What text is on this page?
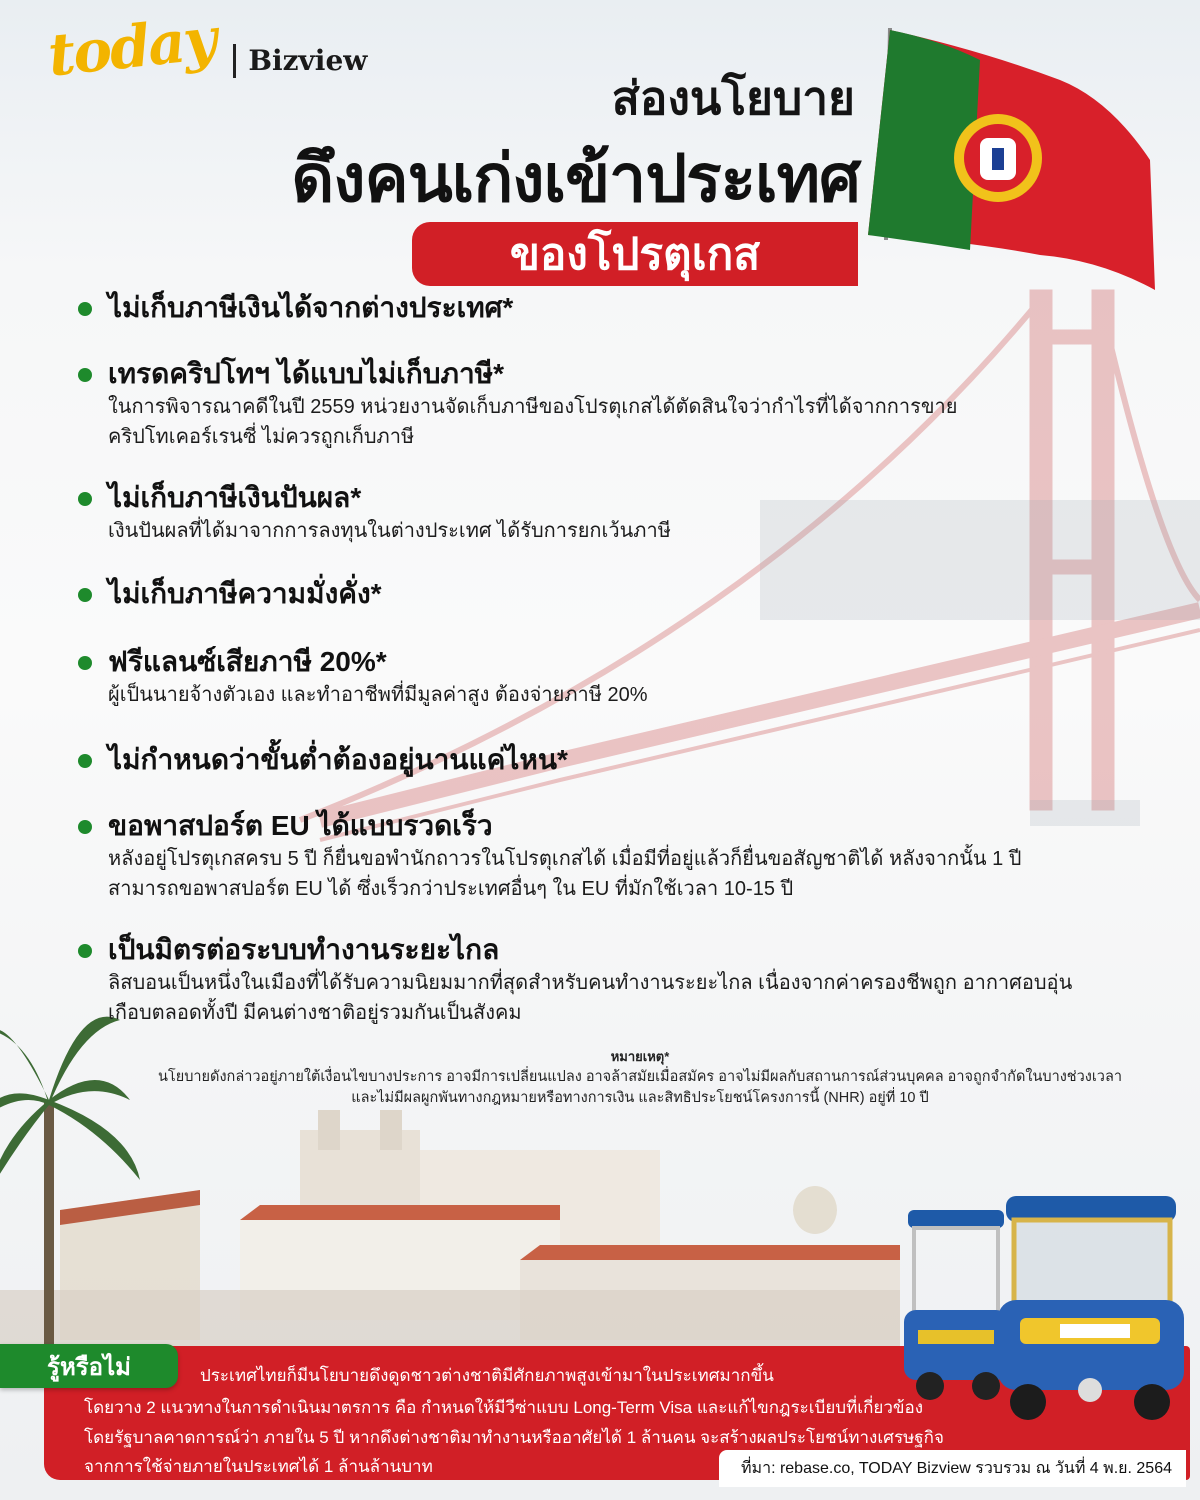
today Bizview
ส่องนโยบาย
ดึงคนเก่งเข้าประเทศ
ของโปรตุเกส
ไม่เก็บภาษีเงินได้จากต่างประเทศ*
เทรดคริปโทฯ ได้แบบไม่เก็บภาษี*
ในการพิจารณาคดีในปี 2559 หน่วยงานจัดเก็บภาษีของโปรตุเกสได้ตัดสินใจว่ากำไรที่ได้จากการขาย
คริปโทเคอร์เรนซี่ ไม่ควรถูกเก็บภาษี
ไม่เก็บภาษีเงินปันผล*
เงินปันผลที่ได้มาจากการลงทุนในต่างประเทศ ได้รับการยกเว้นภาษี
ไม่เก็บภาษีความมั่งคั่ง*
ฟรีแลนซ์เสียภาษี 20%*
ผู้เป็นนายจ้างตัวเอง และทำอาชีพที่มีมูลค่าสูง ต้องจ่ายภาษี 20%
ไม่กำหนดว่าขั้นต่ำต้องอยู่นานแค่ไหน*
ขอพาสปอร์ต EU ได้แบบรวดเร็ว
หลังอยู่โปรตุเกสครบ 5 ปี ก็ยื่นขอพำนักถาวรในโปรตุเกสได้ เมื่อมีที่อยู่แล้วก็ยื่นขอสัญชาติได้ หลังจากนั้น 1 ปี
สามารถขอพาสปอร์ต EU ได้ ซึ่งเร็วกว่าประเทศอื่นๆ ใน EU ที่มักใช้เวลา 10-15 ปี
เป็นมิตรต่อระบบทำงานระยะไกล
ลิสบอนเป็นหนึ่งในเมืองที่ได้รับความนิยมมากที่สุดสำหรับคนทำงานระยะไกล เนื่องจากค่าครองชีพถูก อากาศอบอุ่น
เกือบตลอดทั้งปี มีคนต่างชาติอยู่รวมกันเป็นสังคม
หมายเหตุ*
นโยบายดังกล่าวอยู่ภายใต้เงื่อนไขบางประการ อาจมีการเปลี่ยนแปลง อาจล้าสมัยเมื่อสมัคร อาจไม่มีผลกับสถานการณ์ส่วนบุคคล อาจถูกจำกัดในบางช่วงเวลา
และไม่มีผลผูกพันทางกฎหมายหรือทางการเงิน และสิทธิประโยชน์โครงการนี้ (NHR) อยู่ที่ 10 ปี
ประเทศไทยก็มีนโยบายดึงดูดชาวต่างชาติมีศักยภาพสูงเข้ามาในประเทศมากขึ้น
โดยวาง 2 แนวทางในการดำเนินมาตรการ คือ กำหนดให้มีวีซ่าแบบ Long-Term Visa และแก้ไขกฎระเบียบที่เกี่ยวข้อง
โดยรัฐบาลคาดการณ์ว่า ภายใน 5 ปี หากดึงต่างชาติมาทำงานหรืออาศัยได้ 1 ล้านคน จะสร้างผลประโยชน์ทางเศรษฐกิจ
จากการใช้จ่ายภายในประเทศได้ 1 ล้านล้านบาท
รู้หรือไม่
ที่มา: rebase.co, TODAY Bizview รวบรวม ณ วันที่ 4 พ.ย. 2564
